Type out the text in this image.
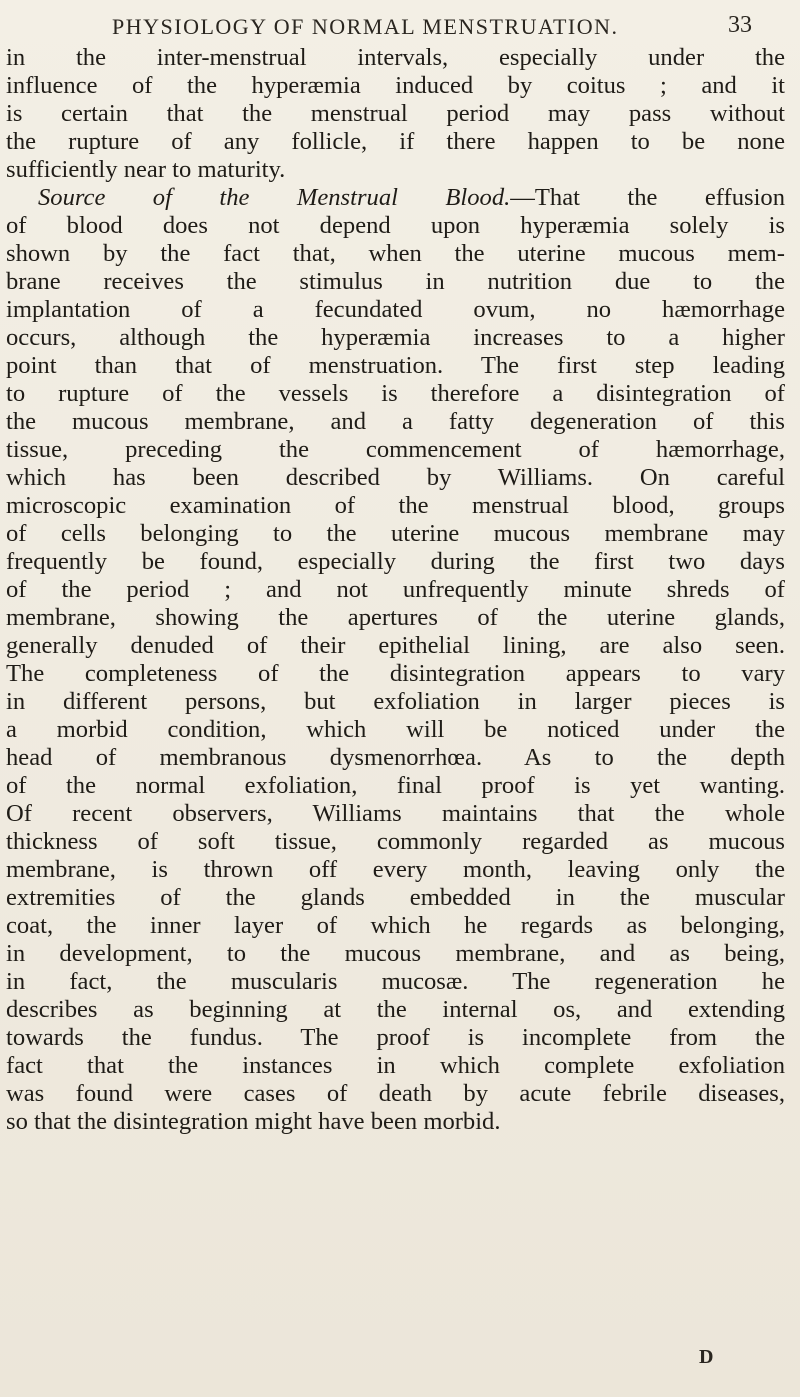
PHYSIOLOGY OF NORMAL MENSTRUATION.	33
in the inter-menstrual intervals, especially under the
influence of the hyperæmia induced by coitus ; and it
is certain that the menstrual period may pass without
the rupture of any follicle, if there happen to be none
sufficiently near to maturity.
Source of the Menstrual Blood.—That the effusion
of blood does not depend upon hyperæmia solely is
shown by the fact that, when the uterine mucous mem-
brane receives the stimulus in nutrition due to the
implantation of a fecundated ovum, no hæmorrhage
occurs, although the hyperæmia increases to a higher
point than that of menstruation. The first step leading
to rupture of the vessels is therefore a disintegration of
the mucous membrane, and a fatty degeneration of this
tissue, preceding the commencement of hæmorrhage,
which has been described by Williams. On careful
microscopic examination of the menstrual blood, groups
of cells belonging to the uterine mucous membrane may
frequently be found, especially during the first two days
of the period ; and not unfrequently minute shreds of
membrane, showing the apertures of the uterine glands,
generally denuded of their epithelial lining, are also seen.
The completeness of the disintegration appears to vary
in different persons, but exfoliation in larger pieces is
a morbid condition, which will be noticed under the
head of membranous dysmenorrhœa. As to the depth
of the normal exfoliation, final proof is yet wanting.
Of recent observers, Williams maintains that the whole
thickness of soft tissue, commonly regarded as mucous
membrane, is thrown off every month, leaving only the
extremities of the glands embedded in the muscular
coat, the inner layer of which he regards as belonging,
in development, to the mucous membrane, and as being,
in fact, the muscularis mucosæ. The regeneration he
describes as beginning at the internal os, and extending
towards the fundus. The proof is incomplete from the
fact that the instances in which complete exfoliation
was found were cases of death by acute febrile diseases,
so that the disintegration might have been morbid.
D
